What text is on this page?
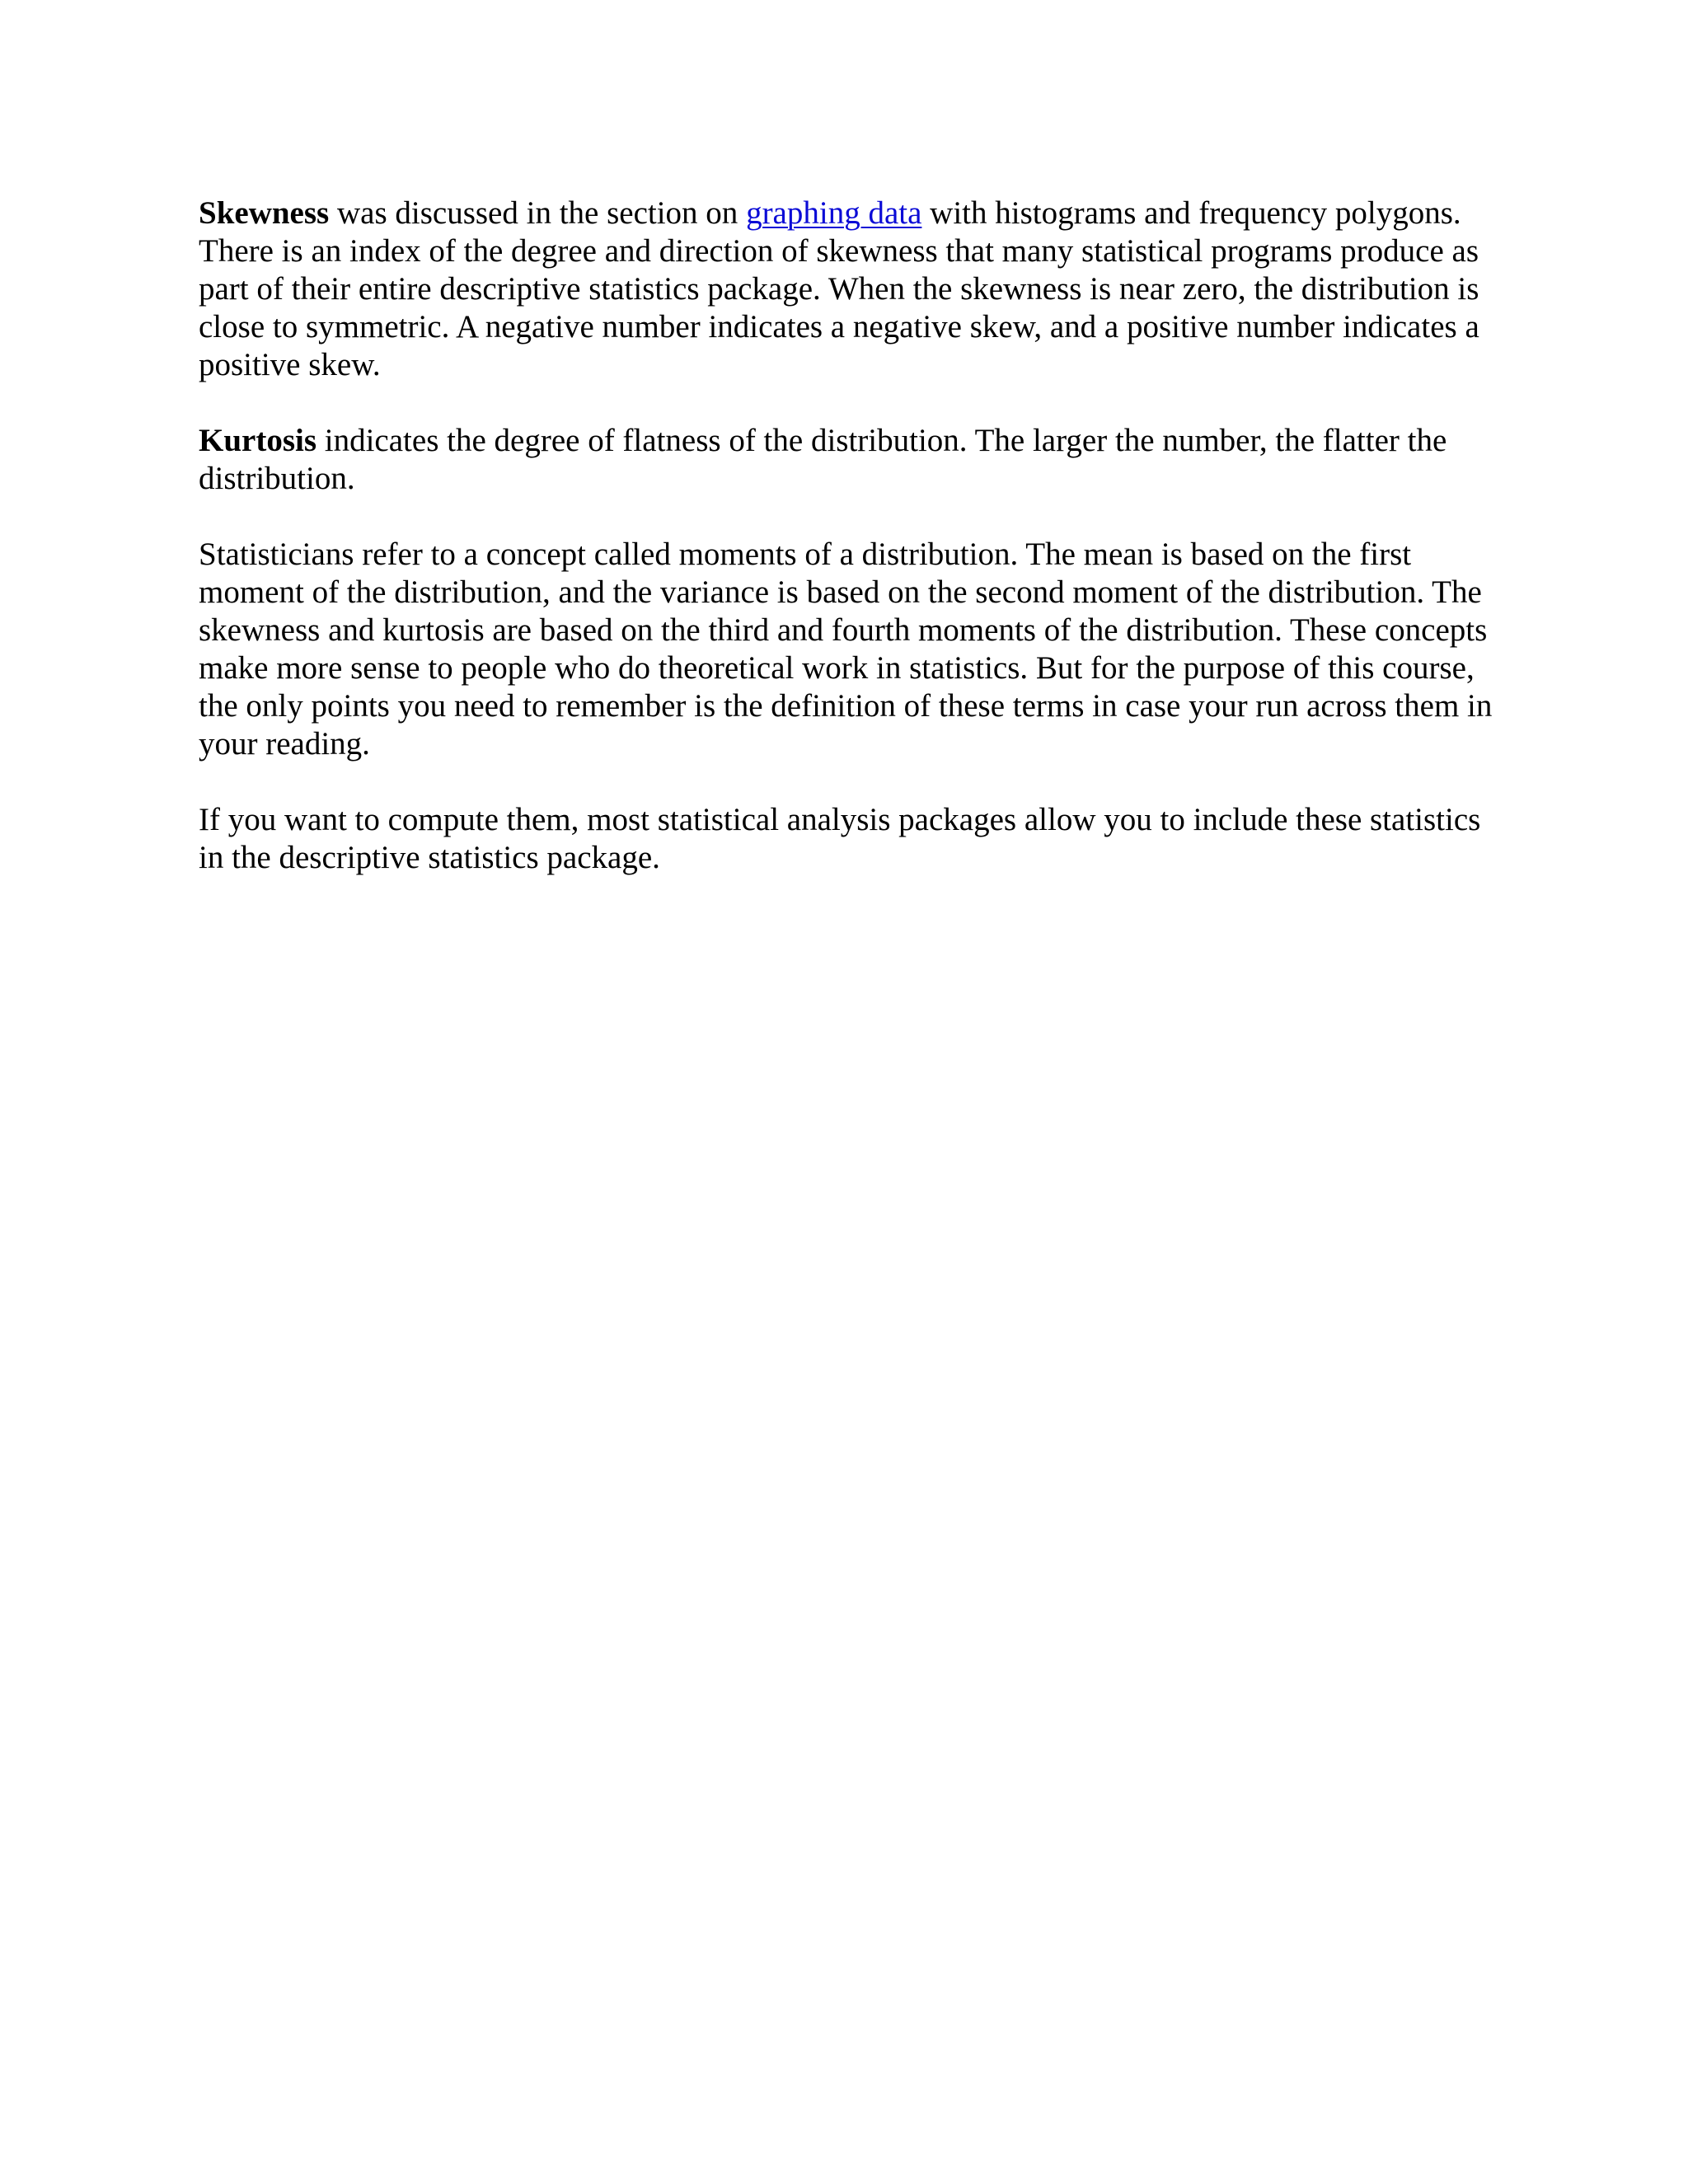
Skewness was discussed in the section on graphing data with histograms and frequency polygons. There is an index of the degree and direction of skewness that many statistical programs produce as part of their entire descriptive statistics package. When the skewness is near zero, the distribution is close to symmetric. A negative number indicates a negative skew, and a positive number indicates a positive skew.

Kurtosis indicates the degree of flatness of the distribution. The larger the number, the flatter the distribution.

Statisticians refer to a concept called moments of a distribution. The mean is based on the first moment of the distribution, and the variance is based on the second moment of the distribution. The skewness and kurtosis are based on the third and fourth moments of the distribution. These concepts make more sense to people who do theoretical work in statistics. But for the purpose of this course, the only points you need to remember is the definition of these terms in case your run across them in your reading.

If you want to compute them, most statistical analysis packages allow you to include these statistics in the descriptive statistics package.
